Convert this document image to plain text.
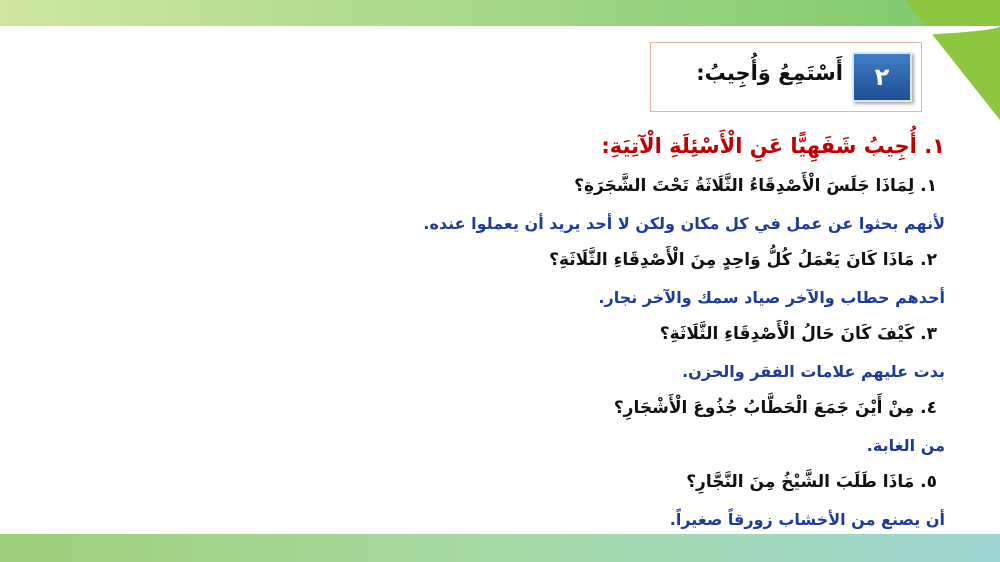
أَسْتَمِعُ وَأُجِيبُ:	٢
١. أُجِيبُ شَفَهِيًّا عَنِ الْأَسْئِلَةِ الْآتِيَةِ:
١. لِمَاذَا جَلَسَ الْأَصْدِقَاءُ الثَّلَاثَةُ تَحْتَ الشَّجَرَةِ؟
لأنهم بحثوا عن عمل في كل مكان ولكن لا أحد يريد أن يعملوا عنده.
٢. مَاذَا كَانَ يَعْمَلُ كُلُّ وَاحِدٍ مِنَ الْأَصْدِقَاءِ الثَّلَاثَةِ؟
أحدهم حطاب والآخر صياد سمك والآخر نجار.
٣. كَيْفَ كَانَ حَالُ الْأَصْدِقَاءِ الثَّلَاثَةِ؟
بدت عليهم علامات الفقر والحزن.
٤. مِنْ أَيْنَ جَمَعَ الْحَطَّابُ جُذُوعَ الْأَشْجَارِ؟
من الغابة.
٥. مَاذَا طَلَبَ الشَّيْخُ مِنَ النَّجَّارِ؟
أن يصنع من الأخشاب زورقاً صغيراً.
